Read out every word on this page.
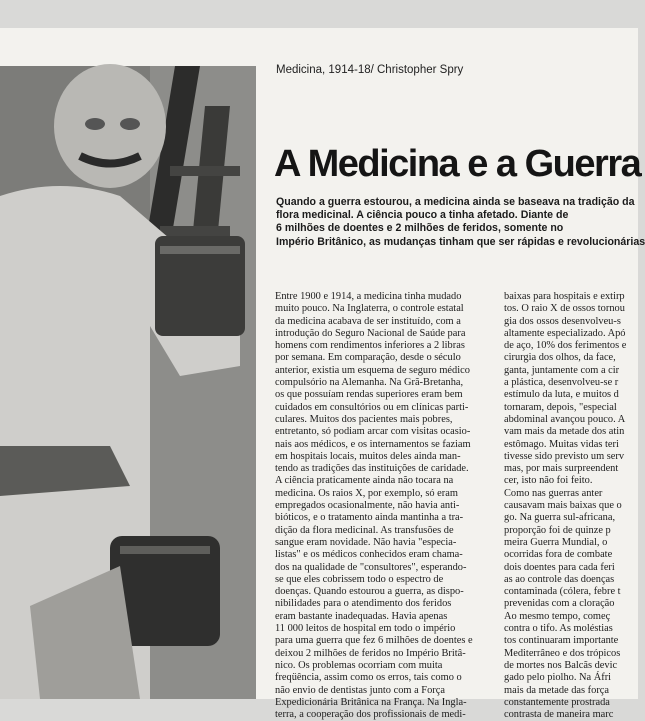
Medicina, 1914-18/ Christopher Spry
A Medicina e a Guerra
Quando a guerra estourou, a medicina ainda se baseava na tradição da
flora medicinal. A ciência pouco a tinha afetado. Diante de
6 milhões de doentes e 2 milhões de feridos, somente no
Império Britânico, as mudanças tinham que ser rápidas e revolucionárias
Entre 1900 e 1914, a medicina tinha mudado
muito pouco. Na Inglaterra, o controle estatal
da medicina acabava de ser instituído, com a
introdução do Seguro Nacional de Saúde para
homens com rendimentos inferiores a 2 libras
por semana. Em comparação, desde o século
anterior, existia um esquema de seguro médico
compulsório na Alemanha. Na Grã-Bretanha,
os que possuíam rendas superiores eram bem
cuidados em consultórios ou em clínicas parti-
culares. Muitos dos pacientes mais pobres,
entretanto, só podiam arcar com visitas ocasio-
nais aos médicos, e os internamentos se faziam
em hospitais locais, muitos deles ainda man-
tendo as tradições das instituições de caridade.
A ciência praticamente ainda não tocara na
medicina. Os raios X, por exemplo, só eram
empregados ocasionalmente, não havia anti-
bióticos, e o tratamento ainda mantinha a tra-
dição da flora medicinal. As transfusões de
sangue eram novidade. Não havia "especia-
listas" e os médicos conhecidos eram chama-
dos na qualidade de "consultores", esperando-
se que eles cobrissem todo o espectro de
doenças. Quando estourou a guerra, as dispo-
nibilidades para o atendimento dos feridos
eram bastante inadequadas. Havia apenas
11 000 leitos de hospital em todo o império
para uma guerra que fez 6 milhões de doentes e
deixou 2 milhões de feridos no Império Britâ-
nico. Os problemas ocorriam com muita
freqüência, assim como os erros, tais como o
não envio de dentistas junto com a Força
Expedicionária Britânica na França. Na Ingla-
terra, a cooperação dos profissionais de medi-
baixas para hospitais e extirp
tos. O raio X de ossos tornou
gia dos ossos desenvolveu-s
altamente especializado. Apó
de aço, 10% dos ferimentos e
cirurgia dos olhos, da face,
ganta, juntamente com a cir
a plástica, desenvolveu-se r
estímulo da luta, e muitos d
tornaram, depois, "especial
abdominal avançou pouco. A
vam mais da metade dos atin
estômago. Muitas vidas teri
tivesse sido previsto um serv
mas, por mais surpreendent
cer, isto não foi feito.
Como nas guerras anter
causavam mais baixas que o
go. Na guerra sul-africana,
proporção foi de quinze p
meira Guerra Mundial, o
ocorridas fora de combate
dois doentes para cada feri
as ao controle das doenças
contaminada (cólera, febre t
prevenidas com a cloração
Ao mesmo tempo, começ
contra o tifo. As moléstias
tos continuaram importante
Mediterrâneo e dos trópicos
de mortes nos Balcãs devic
gado pelo piolho. Na Áfri
mais da metade das força
constantemente prostrada
contrasta de maneira marc
